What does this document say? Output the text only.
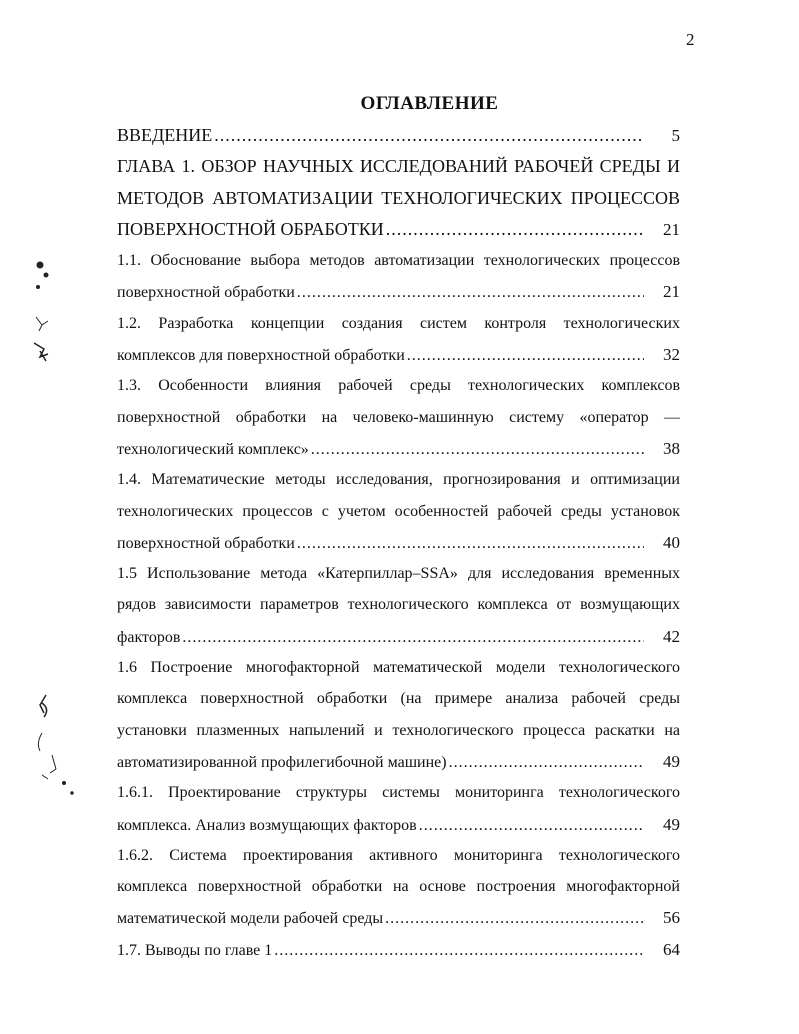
2
ОГЛАВЛЕНИЕ
ВВЕДЕНИЕ .....	5
ГЛАВА 1. ОБЗОР НАУЧНЫХ ИССЛЕДОВАНИЙ РАБОЧЕЙ СРЕДЫ И
МЕТОДОВ АВТОМАТИЗАЦИИ ТЕХНОЛОГИЧЕСКИХ ПРОЦЕССОВ
ПОВЕРХНОСТНОЙ ОБРАБОТКИ .....	21
1.1. Обоснование выбора методов автоматизации технологических процессов
поверхностной обработки .....	21
1.2. Разработка концепции создания систем контроля технологических
комплексов для поверхностной обработки .....	32
1.3. Особенности влияния рабочей среды технологических комплексов
поверхностной обработки на человеко-машинную систему «оператор —
технологический комплекс» .....	38
1.4. Математические методы исследования, прогнозирования и оптимизации
технологических процессов с учетом особенностей рабочей среды установок
поверхностной обработки .....	40
1.5 Использование метода «Катерпиллар–SSA» для исследования временных
рядов зависимости параметров технологического комплекса от возмущающих
факторов .....	42
1.6 Построение многофакторной математической модели технологического
комплекса поверхностной обработки (на примере анализа рабочей среды
установки плазменных напылений и технологического процесса раскатки на
автоматизированной профилегибочной машине) .....	49
1.6.1. Проектирование структуры системы мониторинга технологического
комплекса. Анализ возмущающих факторов .....	49
1.6.2. Система проектирования активного мониторинга технологического
комплекса поверхностной обработки на основе построения многофакторной
математической модели рабочей среды .....	56
1.7. Выводы по главе 1 .....	64
